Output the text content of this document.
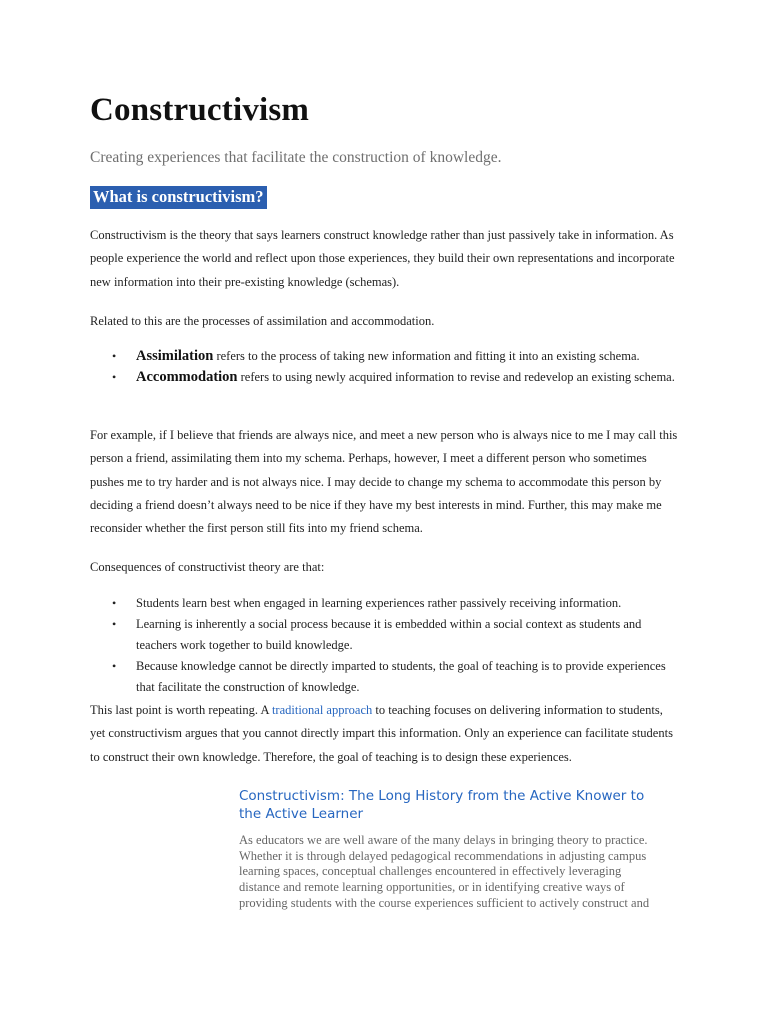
Constructivism

Creating experiences that facilitate the construction of knowledge.

What is constructivism?

Constructivism is the theory that says learners construct knowledge rather than just passively take in information. As people experience the world and reflect upon those experiences, they build their own representations and incorporate new information into their pre-existing knowledge (schemas).

Related to this are the processes of assimilation and accommodation.

• Assimilation refers to the process of taking new information and fitting it into an existing schema.
• Accommodation refers to using newly acquired information to revise and redevelop an existing schema.

For example, if I believe that friends are always nice, and meet a new person who is always nice to me I may call this person a friend, assimilating them into my schema. Perhaps, however, I meet a different person who sometimes pushes me to try harder and is not always nice. I may decide to change my schema to accommodate this person by deciding a friend doesn’t always need to be nice if they have my best interests in mind. Further, this may make me reconsider whether the first person still fits into my friend schema.

Consequences of constructivist theory are that:

• Students learn best when engaged in learning experiences rather passively receiving information.
• Learning is inherently a social process because it is embedded within a social context as students and teachers work together to build knowledge.
• Because knowledge cannot be directly imparted to students, the goal of teaching is to provide experiences that facilitate the construction of knowledge.

This last point is worth repeating. A traditional approach to teaching focuses on delivering information to students, yet constructivism argues that you cannot directly impart this information. Only an experience can facilitate students to construct their own knowledge. Therefore, the goal of teaching is to design these experiences.

Constructivism: The Long History from the Active Knower to the Active Learner

As educators we are well aware of the many delays in bringing theory to practice. Whether it is through delayed pedagogical recommendations in adjusting campus learning spaces, conceptual challenges encountered in effectively leveraging distance and remote learning opportunities, or in identifying creative ways of providing students with the course experiences sufficient to actively construct and
